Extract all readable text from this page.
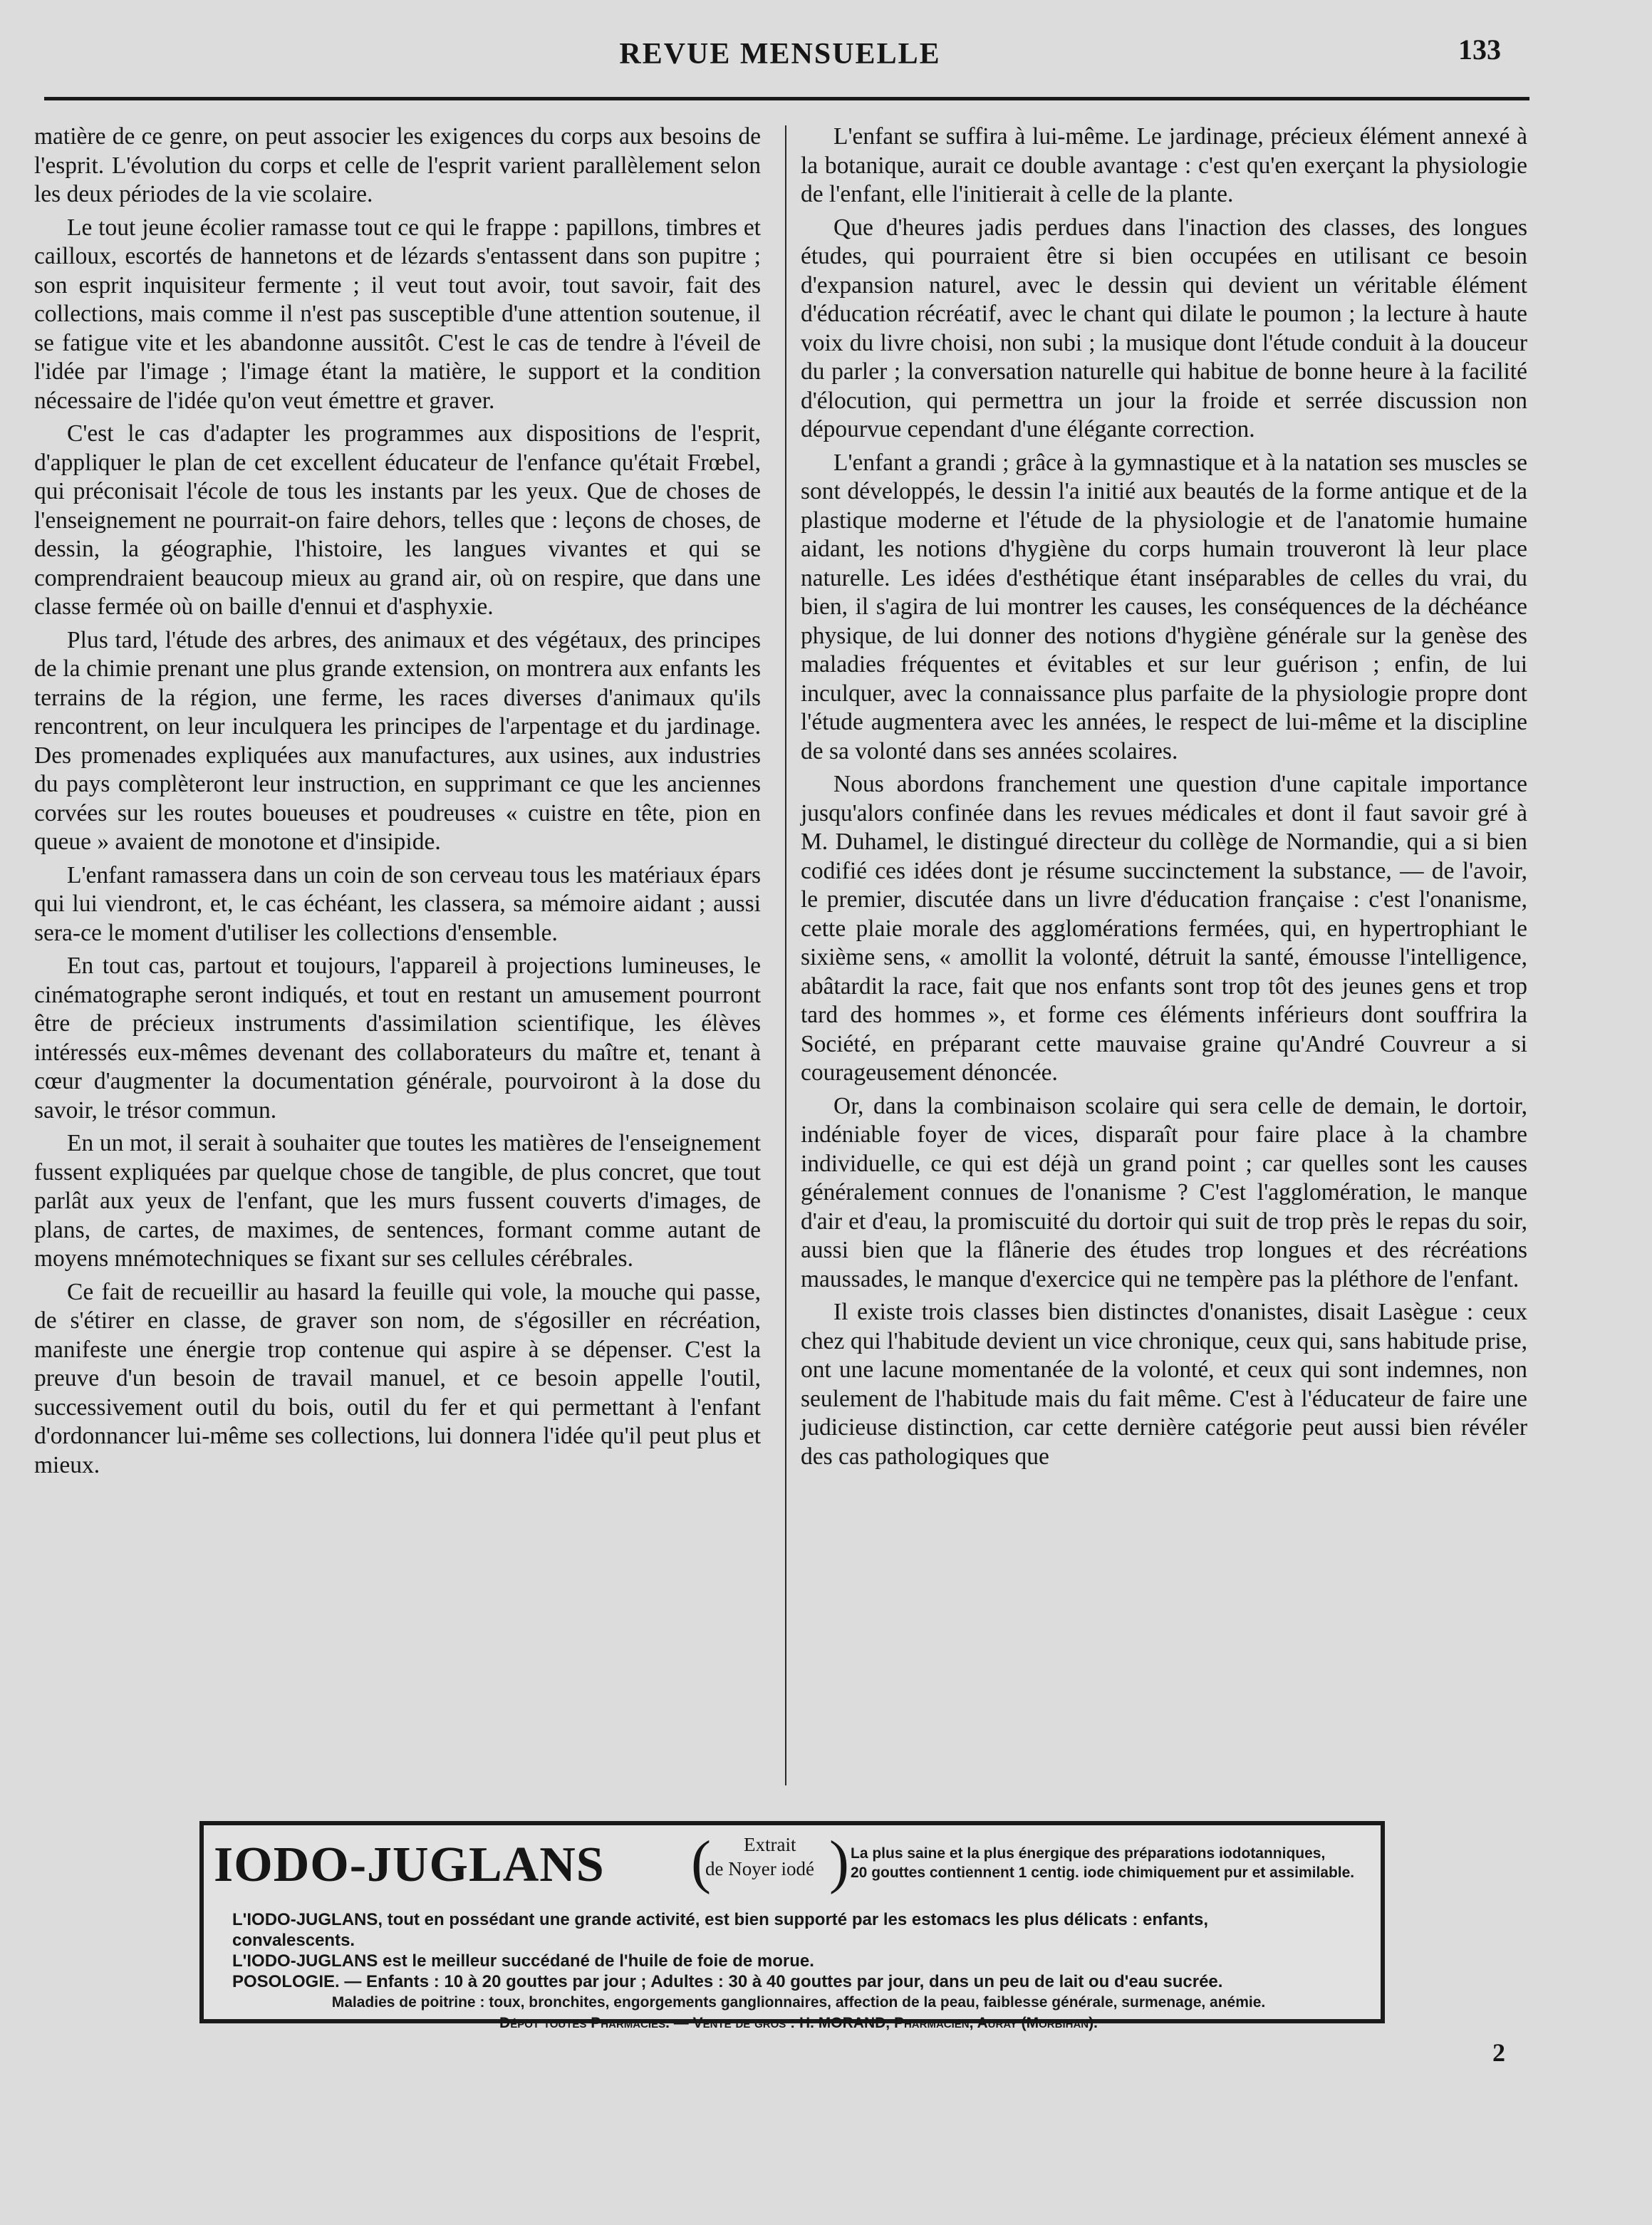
REVUE MENSUELLE	133

matière de ce genre, on peut associer les exigences du corps aux besoins de l'esprit. L'évolution du corps et celle de l'esprit varient parallèlement selon les deux périodes de la vie scolaire.

Le tout jeune écolier ramasse tout ce qui le frappe : papillons, timbres et cailloux, escortés de hannetons et de lézards s'entassent dans son pupitre ; son esprit inquisiteur fermente ; il veut tout avoir, tout savoir, fait des collections, mais comme il n'est pas susceptible d'une attention soutenue, il se fatigue vite et les abandonne aussitôt. C'est le cas de tendre à l'éveil de l'idée par l'image ; l'image étant la matière, le support et la condition nécessaire de l'idée qu'on veut émettre et graver.

C'est le cas d'adapter les programmes aux dispositions de l'esprit, d'appliquer le plan de cet excellent éducateur de l'enfance qu'était Frœbel, qui préconisait l'école de tous les instants par les yeux. Que de choses de l'enseignement ne pourrait-on faire dehors, telles que : leçons de choses, de dessin, la géographie, l'histoire, les langues vivantes et qui se comprendraient beaucoup mieux au grand air, où on respire, que dans une classe fermée où on baille d'ennui et d'asphyxie.

Plus tard, l'étude des arbres, des animaux et des végétaux, des principes de la chimie prenant une plus grande extension, on montrera aux enfants les terrains de la région, une ferme, les races diverses d'animaux qu'ils rencontrent, on leur inculquera les principes de l'arpentage et du jardinage. Des promenades expliquées aux manufactures, aux usines, aux industries du pays complèteront leur instruction, en supprimant ce que les anciennes corvées sur les routes boueuses et poudreuses « cuistre en tête, pion en queue » avaient de monotone et d'insipide.

L'enfant ramassera dans un coin de son cerveau tous les matériaux épars qui lui viendront, et, le cas échéant, les classera, sa mémoire aidant ; aussi sera-ce le moment d'utiliser les collections d'ensemble.

En tout cas, partout et toujours, l'appareil à projections lumineuses, le cinématographe seront indiqués, et tout en restant un amusement pourront être de précieux instruments d'assimilation scientifique, les élèves intéressés eux-mêmes devenant des collaborateurs du maître et, tenant à cœur d'augmenter la documentation générale, pourvoiront à la dose du savoir, le trésor commun.

En un mot, il serait à souhaiter que toutes les matières de l'enseignement fussent expliquées par quelque chose de tangible, de plus concret, que tout parlât aux yeux de l'enfant, que les murs fussent couverts d'images, de plans, de cartes, de maximes, de sentences, formant comme autant de moyens mnémotechniques se fixant sur ses cellules cérébrales.

Ce fait de recueillir au hasard la feuille qui vole, la mouche qui passe, de s'étirer en classe, de graver son nom, de s'égosiller en récréation, manifeste une énergie trop contenue qui aspire à se dépenser. C'est la preuve d'un besoin de travail manuel, et ce besoin appelle l'outil, successivement outil du bois, outil du fer et qui permettant à l'enfant d'ordonnancer lui-même ses collections, lui donnera l'idée qu'il peut plus et mieux.

L'enfant se suffira à lui-même. Le jardinage, précieux élément annexé à la botanique, aurait ce double avantage : c'est qu'en exerçant la physiologie de l'enfant, elle l'initierait à celle de la plante.

Que d'heures jadis perdues dans l'inaction des classes, des longues études, qui pourraient être si bien occupées en utilisant ce besoin d'expansion naturel, avec le dessin qui devient un véritable élément d'éducation récréatif, avec le chant qui dilate le poumon ; la lecture à haute voix du livre choisi, non subi ; la musique dont l'étude conduit à la douceur du parler ; la conversation naturelle qui habitue de bonne heure à la facilité d'élocution, qui permettra un jour la froide et serrée discussion non dépourvue cependant d'une élégante correction.

L'enfant a grandi ; grâce à la gymnastique et à la natation ses muscles se sont développés, le dessin l'a initié aux beautés de la forme antique et de la plastique moderne et l'étude de la physiologie et de l'anatomie humaine aidant, les notions d'hygiène du corps humain trouveront là leur place naturelle. Les idées d'esthétique étant inséparables de celles du vrai, du bien, il s'agira de lui montrer les causes, les conséquences de la déchéance physique, de lui donner des notions d'hygiène générale sur la genèse des maladies fréquentes et évitables et sur leur guérison ; enfin, de lui inculquer, avec la connaissance plus parfaite de la physiologie propre dont l'étude augmentera avec les années, le respect de lui-même et la discipline de sa volonté dans ses années scolaires.

Nous abordons franchement une question d'une capitale importance jusqu'alors confinée dans les revues médicales et dont il faut savoir gré à M. Duhamel, le distingué directeur du collège de Normandie, qui a si bien codifié ces idées dont je résume succinctement la substance, — de l'avoir, le premier, discutée dans un livre d'éducation française : c'est l'onanisme, cette plaie morale des agglomérations fermées, qui, en hypertrophiant le sixième sens, « amollit la volonté, détruit la santé, émousse l'intelligence, abâtardit la race, fait que nos enfants sont trop tôt des jeunes gens et trop tard des hommes », et forme ces éléments inférieurs dont souffrira la Société, en préparant cette mauvaise graine qu'André Couvreur a si courageusement dénoncée.

Or, dans la combinaison scolaire qui sera celle de demain, le dortoir, indéniable foyer de vices, disparaît pour faire place à la chambre individuelle, ce qui est déjà un grand point ; car quelles sont les causes généralement connues de l'onanisme ? C'est l'agglomération, le manque d'air et d'eau, la promiscuité du dortoir qui suit de trop près le repas du soir, aussi bien que la flânerie des études trop longues et des récréations maussades, le manque d'exercice qui ne tempère pas la pléthore de l'enfant.

Il existe trois classes bien distinctes d'onanistes, disait Lasègue : ceux chez qui l'habitude devient un vice chronique, ceux qui, sans habitude prise, ont une lacune momentanée de la volonté, et ceux qui sont indemnes, non seulement de l'habitude mais du fait même. C'est à l'éducateur de faire une judicieuse distinction, car cette dernière catégorie peut aussi bien révéler des cas pathologiques que

IODO-JUGLANS (	Extrait
de Noyer iodé ) La plus saine et la plus énergique des préparations iodotanniques,
20 gouttes contiennent 1 centig. iode chimiquement pur et assimilable.
L'IODO-JUGLANS, tout en possédant une grande activité, est bien supporté par les estomacs les plus délicats : enfants,
convalescents.
L'IODO-JUGLANS est le meilleur succédané de l'huile de foie de morue.
POSOLOGIE. — Enfants : 10 à 20 gouttes par jour ; Adultes : 30 à 40 gouttes par jour, dans un peu de lait ou d'eau sucrée.
Maladies de poitrine : toux, bronchites, engorgements ganglionnaires, affection de la peau, faiblesse générale, surmenage, anémie.
Dépot toutes Pharmacies. — Vente de gros : H. MORAND, Pharmacien, Auray (Morbihan).
2
